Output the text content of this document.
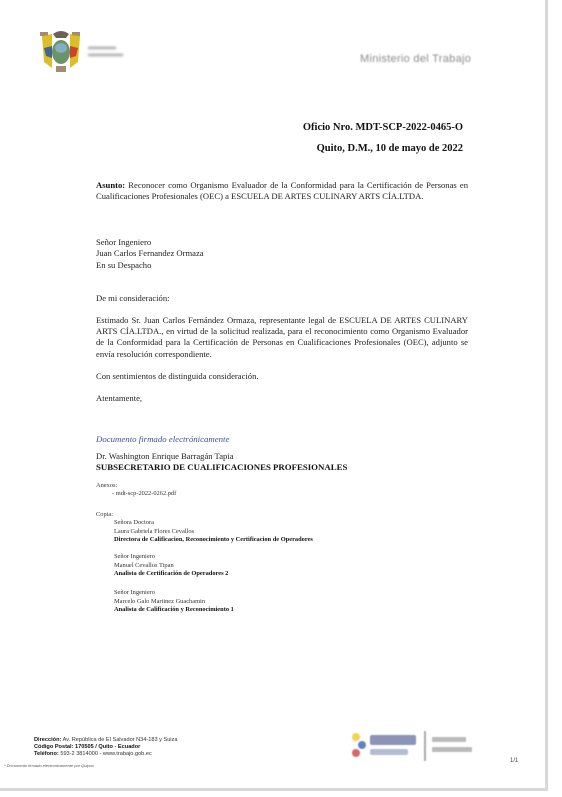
▬▬▬▬
▬▬▬▬▬	Ministerio del Trabajo
Oficio Nro. MDT-SCP-2022-0465-O
Quito, D.M., 10 de mayo de 2022
Asunto: Reconocer como Organismo Evaluador de la Conformidad para la Certificación de Personas en Cualificaciones Profesionales (OEC) a ESCUELA DE ARTES CULINARY ARTS CÍA.LTDA.
Señor Ingeniero
Juan Carlos Fernandez Ormaza
En su Despacho
De mi consideración:
Estimado Sr. Juan Carlos Fernández Ormaza, representante legal de ESCUELA DE ARTES CULINARY ARTS CÍA.LTDA., en virtud de la solicitud realizada, para el reconocimiento como Organismo Evaluador de la Conformidad para la Certificación de Personas en Cualificaciones Profesionales (OEC), adjunto se envía resolución correspondiente.
Con sentimientos de distinguida consideración.
Atentamente,
Documento firmado electrónicamente
Dr. Washington Enrique Barragán Tapia
SUBSECRETARIO DE CUALIFICACIONES PROFESIONALES
Anexos:
- mdt-scp-2022-0262.pdf
Copia:
Señora Doctora
Laura Gabriela Flores Cevallos
Directora de Calificacion, Reconocimiento y Certificacion de Operadores
Señor Ingeniero
Manuel Cevallos Tipan
Analista de Certificación de Operadores 2
Señor Ingeniero
Marcelo Galo Martinez Guachamin
Analista de Calificación y Reconocimiento 1
Dirección: Av. República de El Salvador N34-183 y Suiza
Código Postal: 170505 / Quito - Ecuador
Teléfono: 593-2 3814000 - www.trabajo.gob.ec
* Documento firmado electrónicamente por Quipux
1/1
